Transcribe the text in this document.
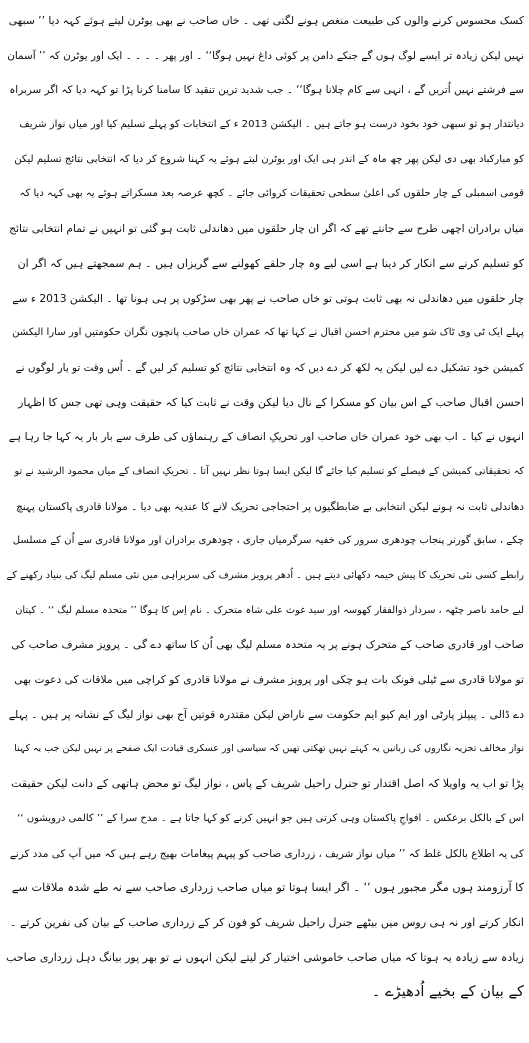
کسک محسوس کرنے والوں کی طبیعت منغص ہونے لگتی تھی ۔ خاں صاحب نے بھی یوٹرن لیتے ہوئے کہہ دیا ’’ سبھی
نہیں لیکن زیادہ تر ایسے لوگ ہوں گے جنکے دامن پر کوئی داغ نہیں ہوگا‘‘ ۔ اور پھر ۔ ۔ ۔ ۔ ایک اور یوٹرن کہ ’’ آسمان
سے فرشتے نہیں اُتریں گے ، انہی سے کام چلانا ہوگا‘‘ ۔ جب شدید ترین تنقید کا سامنا کرنا پڑا تو کہہ دیا کہ اگر سربراہ
دیانتدار ہو تو سبھی خود بخود درست ہو جاتے ہیں ۔ الیکشن 2013 ء کے انتخابات کو پہلے تسلیم کیا اور میاں نواز شریف
کو مبارکباد بھی دی لیکن پھر چھ ماہ کے اندر ہی ایک اور یوٹرن لیتے ہوئے یہ کہنا شروع کر دیا کہ انتخابی نتائج تسلیم لیکن
قومی اسمبلی کے چار حلقوں کی اعلیٰ سطحی تحقیقات کروائی جائے ۔ کچھ عرصہ بعد مسکراتے ہوئے یہ بھی کہہ دیا کہ
میاں برادران اچھی طرح سے جانتے تھے کہ اگر ان چار حلقوں میں دھاندلی ثابت ہو گئی تو انہیں نے تمام انتخابی نتائج
کو تسلیم کرنے سے انکار کر دینا ہے اسی لیے وہ چار حلقے کھولنے سے گریزاں ہیں ۔ ہم سمجھتے ہیں کہ اگر ان
چار حلقوں میں دھاندلی نہ بھی ثابت ہوتی تو خاں صاحب نے پھر بھی سڑکوں پر ہی ہونا تھا ۔ الیکشن 2013 ء سے
پہلے ایک ٹی وی ٹاک شو میں محترم احسن اقبال نے کہا تھا کہ عمران خاں صاحب پانچوں نگران حکومتیں اور سارا الیکشن
کمیشن خود تشکیل دے لیں لیکن یہ لکھ کر دے دیں کہ وہ انتخابی نتائج کو تسلیم کر لیں گے ۔ اُس وقت تو یار لوگوں نے
احسن اقبال صاحب کے اس بیان کو مسکرا کے نال دیا لیکن وقت نے ثابت کیا کہ حقیقت وہی تھی جس کا اظہار
انہوں نے کیا ۔ اب بھی خود عمران خاں صاحب اور تحریکِ انصاف کے رہنماؤں کی طرف سے بار بار یہ کہا جا رہا ہے
کہ تحقیقاتی کمیشن کے فیصلے کو تسلیم کیا جائے گا لیکن ایسا ہوتا نظر نہیں آتا ۔ تحریکِ انصاف کے میاں محمود الرشید نے تو
دھاندلی ثابت نہ ہونے لیکن انتخابی بے ضابطگیوں پر احتجاجی تحریک لانے کا عندیہ بھی دیا ۔ مولانا قادری پاکستان پہنچ
چکے ، سابق گورنر پنجاب چودھری سرور کی خفیہ سرگرمیاں جاری ، چودھری برادران اور مولانا قادری سے اُن کے مسلسل
رابطے کسی نئی تحریک کا پیش خیمہ دکھائی دیتے ہیں ۔ اُدھر پرویز مشرف کی سربراہی میں نئی مسلم لیگ کی بنیاد رکھنے کے
لیے حامد ناصر چٹھہ ، سردار ذوالفقار کھوسہ اور سید غوث علی شاہ متحرک ۔ نام اِس کا ہوگا ’’ متحدہ مسلم لیگ ‘‘ ۔ کپتان
صاحب اور قادری صاحب کے متحرک ہونے پر یہ متحدہ مسلم لیگ بھی اُن کا ساتھ دے گی ۔ پرویز مشرف صاحب کی
تو مولانا قادری سے ٹیلی فونک بات ہو چکی اور پرویز مشرف نے مولانا قادری کو کراچی میں ملاقات کی دعوت بھی
دے ڈالی ۔ پیپلز پارٹی اور ایم کیو ایم حکومت سے ناراض لیکن مقتدرہ قوتیں آج بھی نواز لیگ کے نشانہ پر ہیں ۔ پہلے
نواز مخالف تجزیہ نگاروں کی زبانیں یہ کہتے نہیں تھکتی تھیں کہ سیاسی اور عسکری قیادت ایک صفحے پر نہیں لیکن جب یہ کہنا
پڑا تو اب یہ واویلا کہ اصل اقتدار تو جنرل راحیل شریف کے پاس ، نواز لیگ تو محض ہاتھی کے دانت لیکن حقیقت
اس کے بالکل برعکس ۔ افواجِ پاکستان وہی کرتی ہیں جو انہیں کرنے کو کہا جاتا ہے ۔ مدح سرا کے ’’ کالمی درویشوں ‘‘
کی یہ اطلاع بالکل غلط کہ ’’ میاں نواز شریف ، زرداری صاحب کو پیہم پیغامات بھیج رہے ہیں کہ میں آپ کی مدد کرنے
کا آرزومند ہوں مگر مجبور ہوں ‘‘ ۔ اگر ایسا ہوتا تو میاں صاحب زرداری صاحب سے نہ طے شدہ ملاقات سے
انکار کرتے اور نہ ہی روس میں بیٹھے جنرل راحیل شریف کو فون کر کے زرداری صاحب کے بیان کی نفرین کرتے ۔
زیادہ سے زیادہ یہ ہوتا کہ میاں صاحب خاموشی اختیار کر لیتے لیکن انہوں نے تو بھر پور بیانگ دہل زرداری صاحب
کے بیان کے بخیے اُدھیڑے ۔
